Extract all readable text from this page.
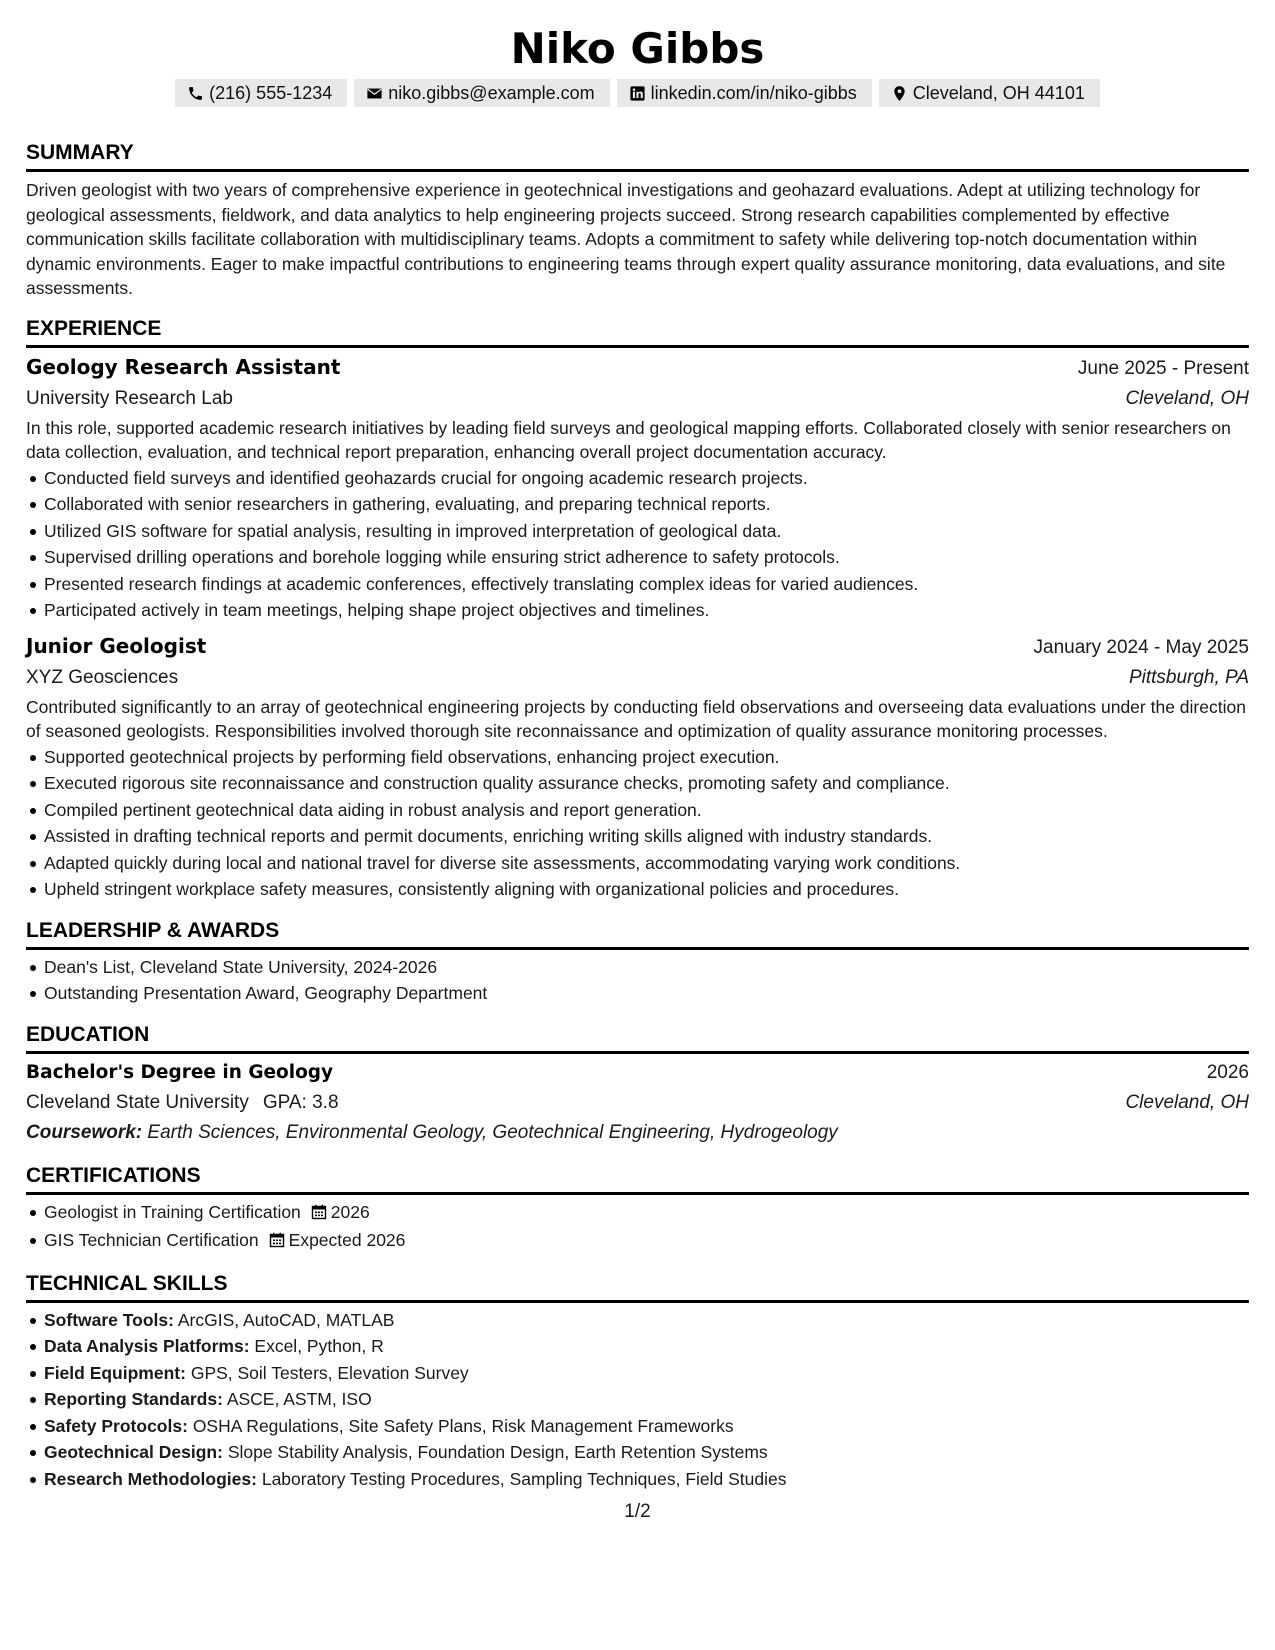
Niko Gibbs
(216) 555-1234	niko.gibbs@example.com	linkedin.com/in/niko-gibbs	Cleveland, OH 44101
SUMMARY
Driven geologist with two years of comprehensive experience in geotechnical investigations and geohazard evaluations. Adept at utilizing technology for geological assessments, fieldwork, and data analytics to help engineering projects succeed. Strong research capabilities complemented by effective communication skills facilitate collaboration with multidisciplinary teams. Adopts a commitment to safety while delivering top-notch documentation within dynamic environments. Eager to make impactful contributions to engineering teams through expert quality assurance monitoring, data evaluations, and site assessments.
EXPERIENCE
Geology Research Assistant	June 2025 - Present
University Research Lab	Cleveland, OH
In this role, supported academic research initiatives by leading field surveys and geological mapping efforts. Collaborated closely with senior researchers on data collection, evaluation, and technical report preparation, enhancing overall project documentation accuracy.
Conducted field surveys and identified geohazards crucial for ongoing academic research projects.
Collaborated with senior researchers in gathering, evaluating, and preparing technical reports.
Utilized GIS software for spatial analysis, resulting in improved interpretation of geological data.
Supervised drilling operations and borehole logging while ensuring strict adherence to safety protocols.
Presented research findings at academic conferences, effectively translating complex ideas for varied audiences.
Participated actively in team meetings, helping shape project objectives and timelines.
Junior Geologist	January 2024 - May 2025
XYZ Geosciences	Pittsburgh, PA
Contributed significantly to an array of geotechnical engineering projects by conducting field observations and overseeing data evaluations under the direction of seasoned geologists. Responsibilities involved thorough site reconnaissance and optimization of quality assurance monitoring processes.
Supported geotechnical projects by performing field observations, enhancing project execution.
Executed rigorous site reconnaissance and construction quality assurance checks, promoting safety and compliance.
Compiled pertinent geotechnical data aiding in robust analysis and report generation.
Assisted in drafting technical reports and permit documents, enriching writing skills aligned with industry standards.
Adapted quickly during local and national travel for diverse site assessments, accommodating varying work conditions.
Upheld stringent workplace safety measures, consistently aligning with organizational policies and procedures.
LEADERSHIP & AWARDS
Dean's List, Cleveland State University, 2024-2026
Outstanding Presentation Award, Geography Department
EDUCATION
Bachelor's Degree in Geology	2026
Cleveland State University GPA: 3.8	Cleveland, OH
Coursework: Earth Sciences, Environmental Geology, Geotechnical Engineering, Hydrogeology
CERTIFICATIONS
Geologist in Training Certification 2026
GIS Technician Certification Expected 2026
TECHNICAL SKILLS
Software Tools: ArcGIS, AutoCAD, MATLAB
Data Analysis Platforms: Excel, Python, R
Field Equipment: GPS, Soil Testers, Elevation Survey
Reporting Standards: ASCE, ASTM, ISO
Safety Protocols: OSHA Regulations, Site Safety Plans, Risk Management Frameworks
Geotechnical Design: Slope Stability Analysis, Foundation Design, Earth Retention Systems
Research Methodologies: Laboratory Testing Procedures, Sampling Techniques, Field Studies
1/2
